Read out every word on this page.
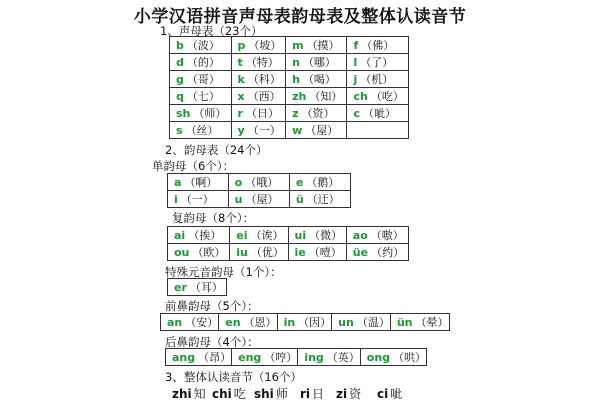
小学汉语拼音声母表韵母表及整体认读音节
1、声母表（23个）
b （波）	p （坡）	m （摸）	f （佛）
d （的）	t （特）	n （哪）	l （了）
g （哥）	k （科）	h （喝）	j （机）
q （七）	x （西）	zh （知）	ch （吃）
sh （师）	r （日）	z （资）	c （呲）
s （丝）	y （一）	w （屋）	
2、韵母表（24个）
单韵母（6个）：
a （啊）	o （哦）	e （鹅）
i （一）	u （屋）	ü （迂）
复韵母（8个）：
ai （挨）	ei （诶）	ui （微）	ao （嗷）
ou （欧）	iu （优）	ie （噎）	üe （约）
特殊元音韵母（1个）：
er （耳）
前鼻韵母（5个）：
an （安）	en （恩）	in （因）	un （温）	ün （晕）
后鼻韵母（4个）：
ang （昂）	eng （哼）	ing （英）	ong （哄）
3、整体认读音节（16个）
zhi 知 chi 吃 shi 师 ri 日 zi 资 ci 呲
